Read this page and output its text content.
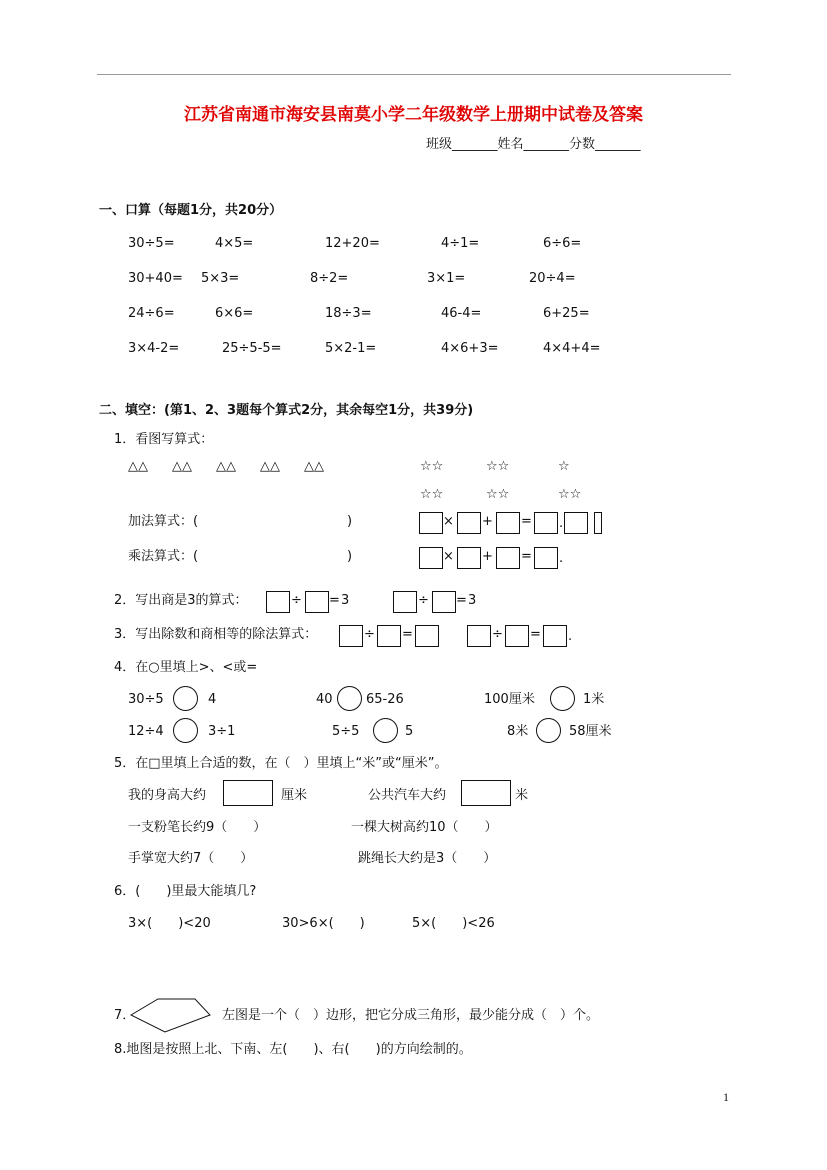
江苏省南通市海安县南莫小学二年级数学上册期中试卷及答案
班级_______姓名_______分数_______
一、口算（每题1分，共20分）
30÷5=	4×5=	12+20=	4÷1=	6÷6=
30+40= 5×3=	8÷2=	3×1=	20÷4=
24÷6=	6×6=	18÷3=	46-4=	6+25=
3×4-2=	25÷5-5=	5×2-1=	4×6+3=	4×4+4=
二、填空：(第1、2、3题每个算式2分，其余每空1分，共39分)
1．看图写算式：
△△ △△ △△ △△ △△	☆☆	☆☆	☆
☆☆	☆☆	☆☆
加法算式：(	)
乘法算式：(	)
× + = .
× + = .
2．写出商是3的算式：	÷ = 3	÷ = 3
3．写出除数和商相等的除法算式：	÷ =	÷ = .
4．在○里填上>、<或=
30÷5	4	40	65-26	100厘米	1米
12÷4	3÷1	5÷5	5	8米	58厘米
5．在□里填上合适的数，在（　）里填上“米”或“厘米”。
我的身高大约	厘米	公共汽车大约	米
一支粉笔长约9（　　）	一棵大树高约10（　　）
手掌宽大约7（　　）	跳绳长大约是3（　　）
6．(　　)里最大能填几?
3×(　　)<20	30>6×(　　)	5×(　　)<26
7．	左图是一个（　）边形，把它分成三角形，最少能分成（　）个。
8.地图是按照上北、下南、左(　　)、右(　　)的方向绘制的。
1
